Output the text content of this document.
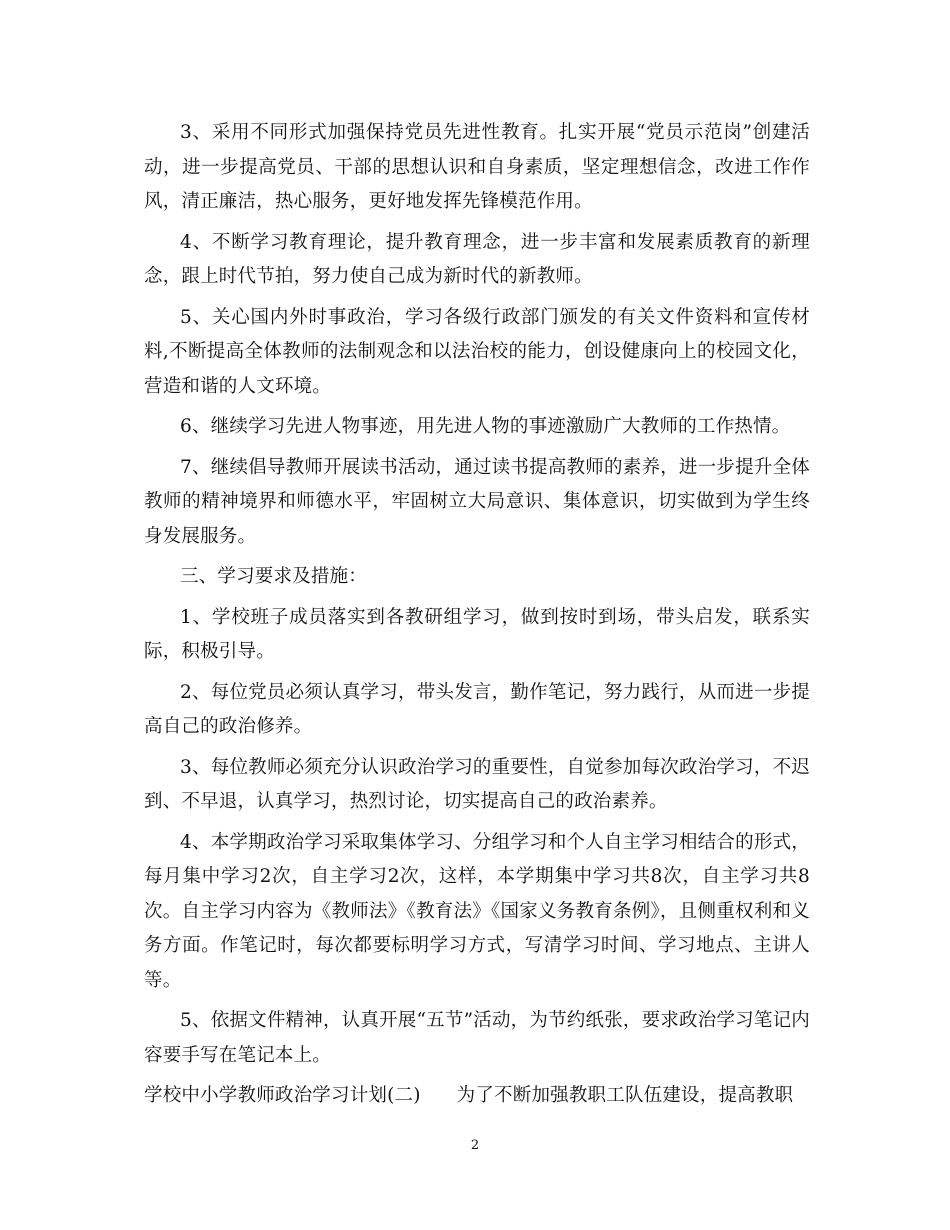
3、采用不同形式加强保持党员先进性教育。扎实开展“党员示范岗”创建活动，进一步提高党员、干部的思想认识和自身素质，坚定理想信念，改进工作作风，清正廉洁，热心服务，更好地发挥先锋模范作用。

4、不断学习教育理论，提升教育理念，进一步丰富和发展素质教育的新理念，跟上时代节拍，努力使自己成为新时代的新教师。

5、关心国内外时事政治，学习各级行政部门颁发的有关文件资料和宣传材料,不断提高全体教师的法制观念和以法治校的能力，创设健康向上的校园文化，营造和谐的人文环境。

6、继续学习先进人物事迹，用先进人物的事迹激励广大教师的工作热情。

7、继续倡导教师开展读书活动，通过读书提高教师的素养，进一步提升全体教师的精神境界和师德水平，牢固树立大局意识、集体意识，切实做到为学生终身发展服务。

三、学习要求及措施：

1、学校班子成员落实到各教研组学习，做到按时到场，带头启发，联系实际，积极引导。

2、每位党员必须认真学习，带头发言，勤作笔记，努力践行，从而进一步提高自己的政治修养。

3、每位教师必须充分认识政治学习的重要性，自觉参加每次政治学习，不迟到、不早退，认真学习，热烈讨论，切实提高自己的政治素养。

4、本学期政治学习采取集体学习、分组学习和个人自主学习相结合的形式，每月集中学习2次，自主学习2次，这样，本学期集中学习共8次，自主学习共8次。自主学习内容为《教师法》《教育法》《国家义务教育条例》，且侧重权利和义务方面。作笔记时，每次都要标明学习方式，写清学习时间、学习地点、主讲人等。

5、依据文件精神，认真开展“五节”活动，为节约纸张，要求政治学习笔记内容要手写在笔记本上。

学校中小学教师政治学习计划(二) 为了不断加强教职工队伍建设，提高教职

2
